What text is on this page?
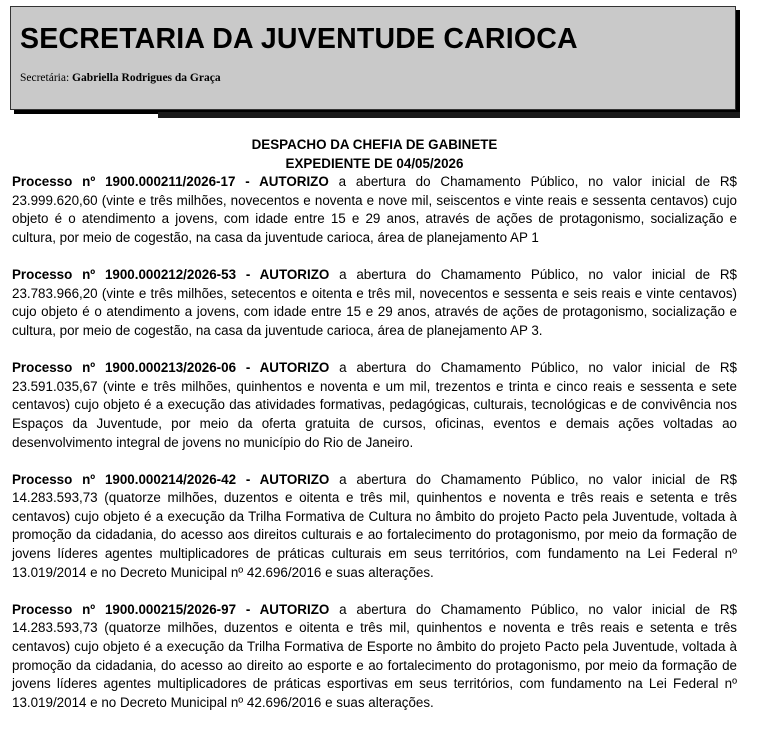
SECRETARIA DA JUVENTUDE CARIOCA
Secretária: Gabriella Rodrigues da Graça

DESPACHO DA CHEFIA DE GABINETE

EXPEDIENTE DE 04/05/2026

Processo nº 1900.000211/2026-17 - AUTORIZO a abertura do Chamamento Público, no valor inicial de R$ 23.999.620,60 (vinte e três milhões, novecentos e noventa e nove mil, seiscentos e vinte reais e sessenta centavos) cujo objeto é o atendimento a jovens, com idade entre 15 e 29 anos, através de ações de protagonismo, socialização e cultura, por meio de cogestão, na casa da juventude carioca, área de planejamento AP 1

Processo nº 1900.000212/2026-53 - AUTORIZO a abertura do Chamamento Público, no valor inicial de R$ 23.783.966,20 (vinte e três milhões, setecentos e oitenta e três mil, novecentos e sessenta e seis reais e vinte centavos) cujo objeto é o atendimento a jovens, com idade entre 15 e 29 anos, através de ações de protagonismo, socialização e cultura, por meio de cogestão, na casa da juventude carioca, área de planejamento AP 3.

Processo nº 1900.000213/2026-06 - AUTORIZO a abertura do Chamamento Público, no valor inicial de R$ 23.591.035,67 (vinte e três milhões, quinhentos e noventa e um mil, trezentos e trinta e cinco reais e sessenta e sete centavos) cujo objeto é a execução das atividades formativas, pedagógicas, culturais, tecnológicas e de convivência nos Espaços da Juventude, por meio da oferta gratuita de cursos, oficinas, eventos e demais ações voltadas ao desenvolvimento integral de jovens no município do Rio de Janeiro.

Processo nº 1900.000214/2026-42 - AUTORIZO a abertura do Chamamento Público, no valor inicial de R$ 14.283.593,73 (quatorze milhões, duzentos e oitenta e três mil, quinhentos e noventa e três reais e setenta e três centavos) cujo objeto é a execução da Trilha Formativa de Cultura no âmbito do projeto Pacto pela Juventude, voltada à promoção da cidadania, do acesso aos direitos culturais e ao fortalecimento do protagonismo, por meio da formação de jovens líderes agentes multiplicadores de práticas culturais em seus territórios, com fundamento na Lei Federal nº 13.019/2014 e no Decreto Municipal nº 42.696/2016 e suas alterações.

Processo nº 1900.000215/2026-97 - AUTORIZO a abertura do Chamamento Público, no valor inicial de R$ 14.283.593,73 (quatorze milhões, duzentos e oitenta e três mil, quinhentos e noventa e três reais e setenta e três centavos) cujo objeto é a execução da Trilha Formativa de Esporte no âmbito do projeto Pacto pela Juventude, voltada à promoção da cidadania, do acesso ao direito ao esporte e ao fortalecimento do protagonismo, por meio da formação de jovens líderes agentes multiplicadores de práticas esportivas em seus territórios, com fundamento na Lei Federal nº 13.019/2014 e no Decreto Municipal nº 42.696/2016 e suas alterações.
